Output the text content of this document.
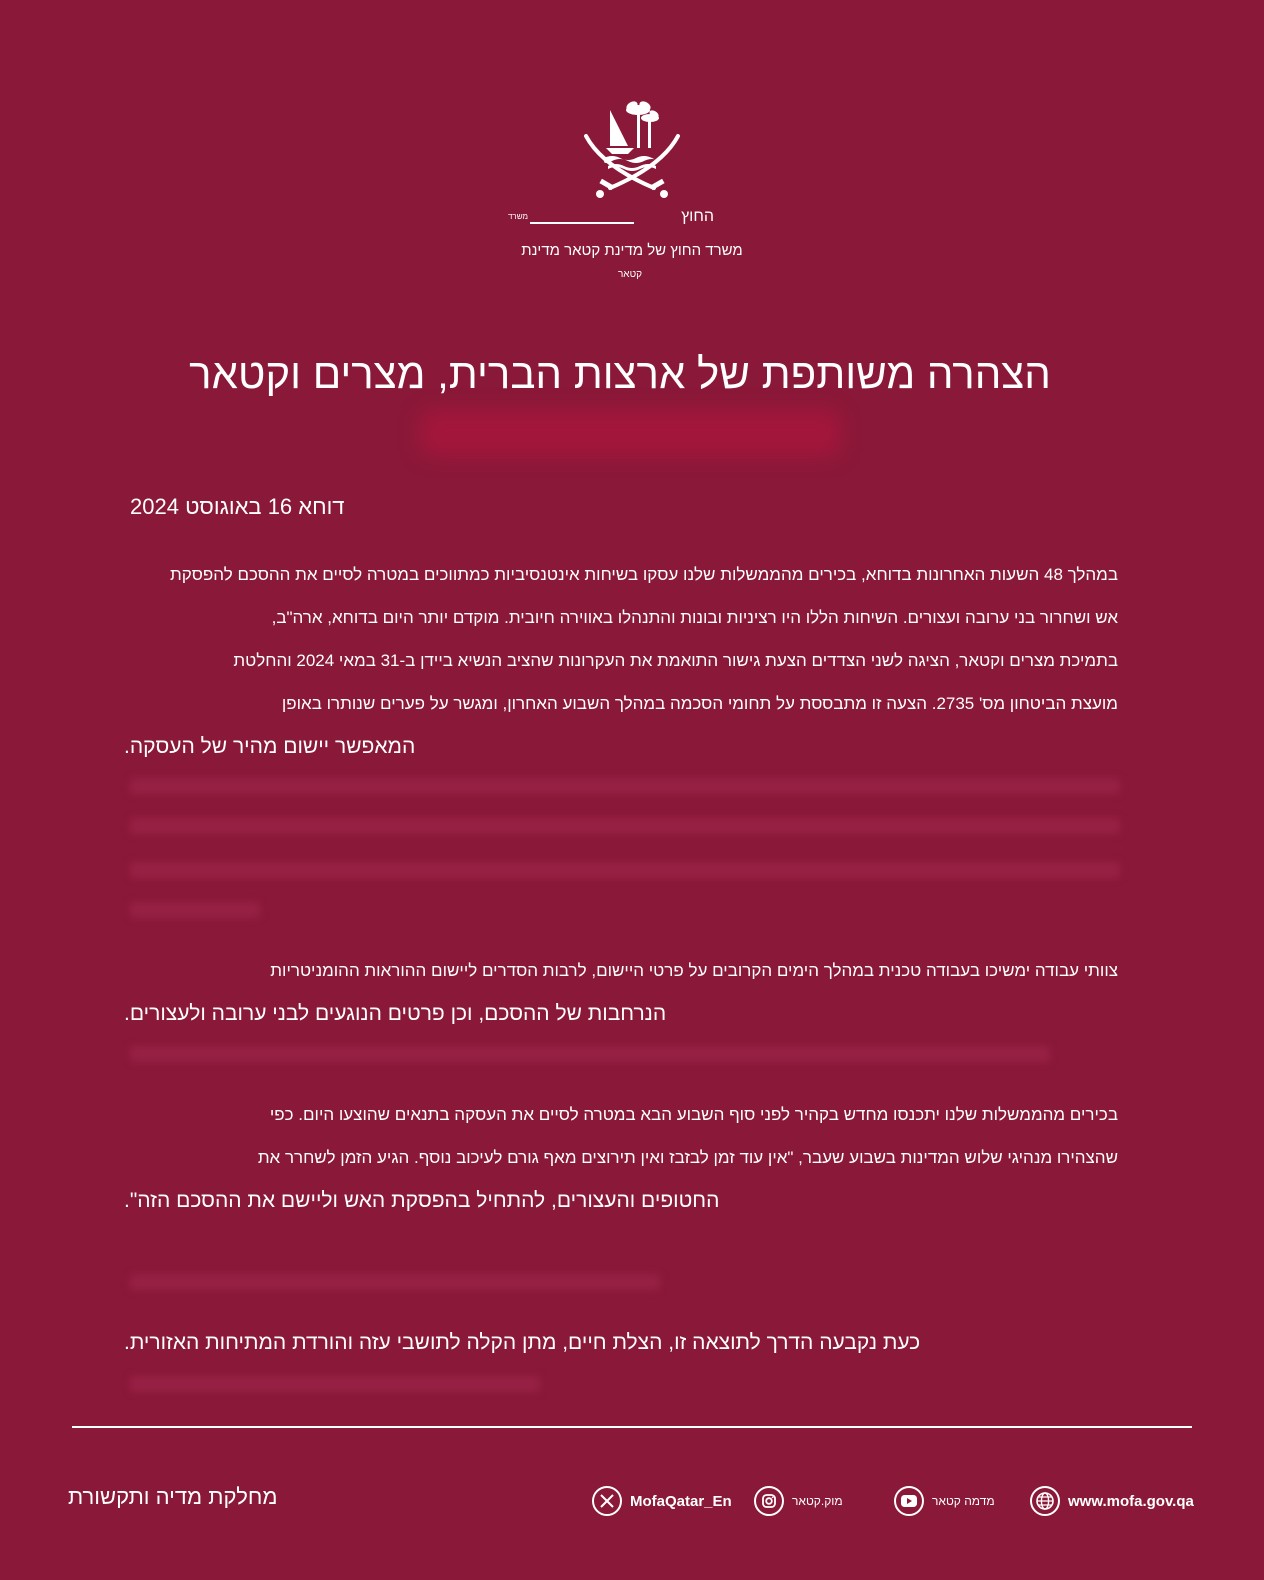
החוץ
משרד
משרד החוץ של מדינת קטאר מדינת
קטאר
הצהרה משותפת של ארצות הברית, מצרים וקטאר
דוחא 16 באוגוסט 2024
במהלך 48 השעות האחרונות בדוחא, בכירים מהממשלות שלנו עסקו בשיחות אינטנסיביות כמתווכים במטרה לסיים את ההסכם להפסקת
אש ושחרור בני ערובה ועצורים. השיחות הללו היו רציניות ובונות והתנהלו באווירה חיובית. מוקדם יותר היום בדוחא, ארה"ב,
בתמיכת מצרים וקטאר, הציגה לשני הצדדים הצעת גישור התואמת את העקרונות שהציב הנשיא ביידן ב-31 במאי 2024 והחלטת
מועצת הביטחון מס' 2735. הצעה זו מתבססת על תחומי הסכמה במהלך השבוע האחרון, ומגשר על פערים שנותרו באופן
המאפשר יישום מהיר של העסקה.
צוותי עבודה ימשיכו בעבודה טכנית במהלך הימים הקרובים על פרטי היישום, לרבות הסדרים ליישום ההוראות ההומניטריות
הנרחבות של ההסכם, וכן פרטים הנוגעים לבני ערובה ולעצורים.
בכירים מהממשלות שלנו יתכנסו מחדש בקהיר לפני סוף השבוע הבא במטרה לסיים את העסקה בתנאים שהוצעו היום. כפי
שהצהירו מנהיגי שלוש המדינות בשבוע שעבר, "אין עוד זמן לבזבז ואין תירוצים מאף גורם לעיכוב נוסף. הגיע הזמן לשחרר את
החטופים והעצורים, להתחיל בהפסקת האש וליישם את ההסכם הזה".
כעת נקבעה הדרך לתוצאה זו, הצלת חיים, מתן הקלה לתושבי עזה והורדת המתיחות האזורית.
מחלקת מדיה ותקשורת	MofaQatar_En	מוק.קטאר	מדמה קטאר	www.mofa.gov.qa
